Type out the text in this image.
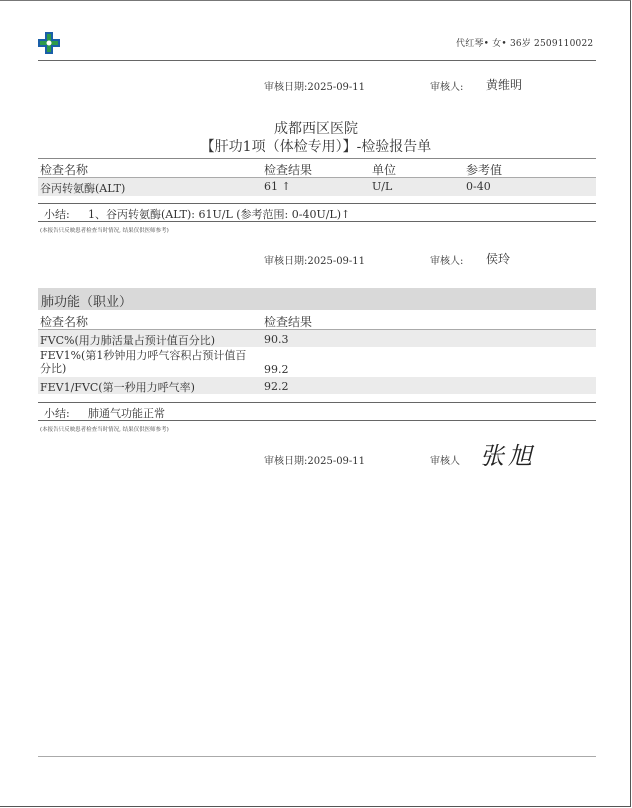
代红琴• 女• 36岁 2509110022
审核日期:2025-09-11	审核人: 黄维明
成都西区医院
【肝功1项（体检专用）】-检验报告单
检查名称	检查结果	单位	参考值
谷丙转氨酶(ALT)	61 ↑	U/L	0-40
小结: 1、谷丙转氨酶(ALT): 61U/L (参考范围: 0-40U/L)↑
(本报告只反映患者检查当时情况, 结果仅供医师参考)
审核日期:2025-09-11	审核人: 侯玲
肺功能（职业）
检查名称	检查结果
FVC%(用力肺活量占预计值百分比)	90.3
FEV1%(第1秒钟用力呼气容积占预计值百分比)	99.2
FEV1/FVC(第一秒用力呼气率)	92.2
小结: 肺通气功能正常
(本报告只反映患者检查当时情况, 结果仅供医师参考)
审核日期:2025-09-11	审核人 张旭
